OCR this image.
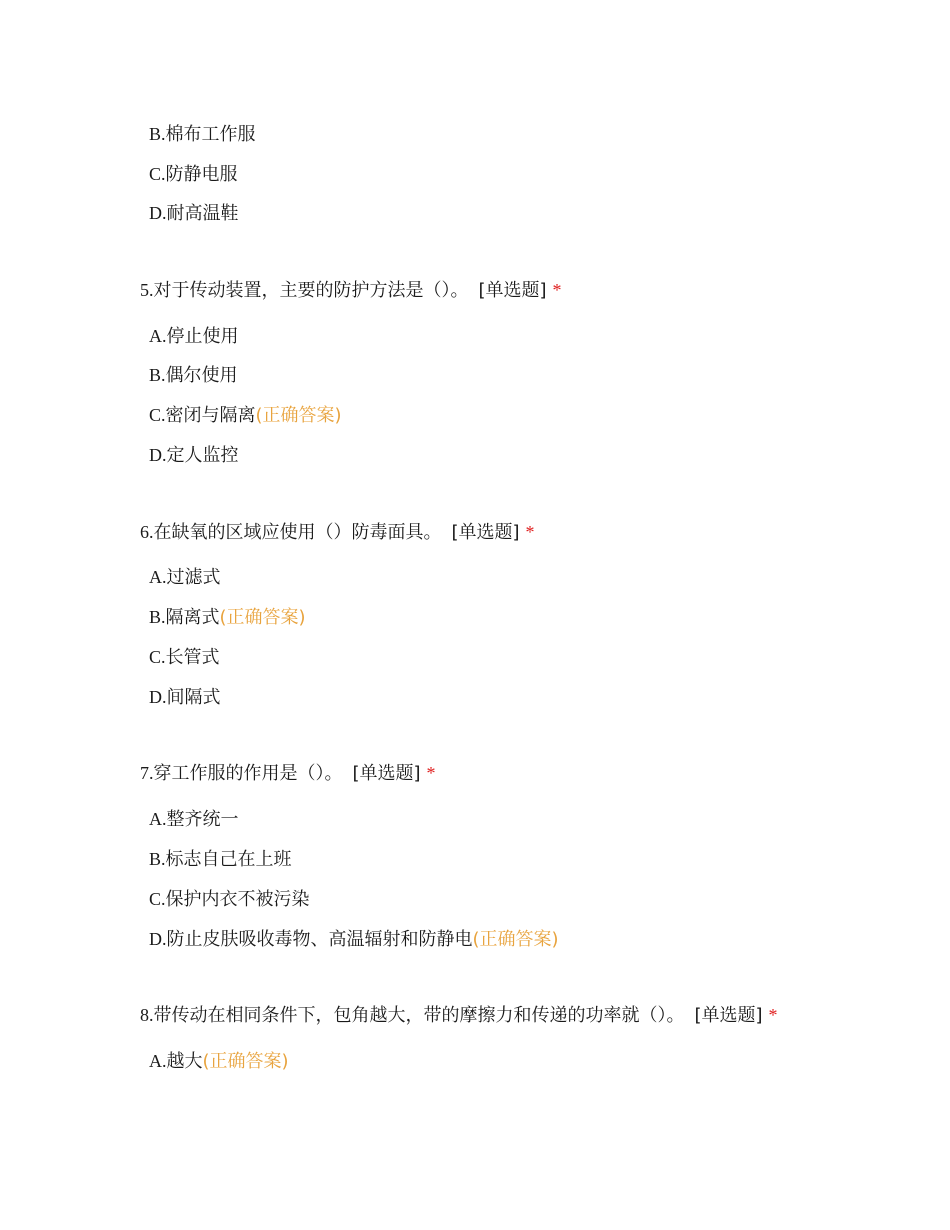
B.棉布工作服
C.防静电服
D.耐高温鞋
5.对于传动装置，主要的防护方法是（）。 [单选题] *
A.停止使用
B.偶尔使用
C.密闭与隔离(正确答案)
D.定人监控
6.在缺氧的区域应使用（）防毒面具。 [单选题] *
A.过滤式
B.隔离式(正确答案)
C.长管式
D.间隔式
7.穿工作服的作用是（）。 [单选题] *
A.整齐统一
B.标志自己在上班
C.保护内衣不被污染
D.防止皮肤吸收毒物、高温辐射和防静电(正确答案)
8.带传动在相同条件下，包角越大，带的摩擦力和传递的功率就（）。 [单选题] *
A.越大(正确答案)
